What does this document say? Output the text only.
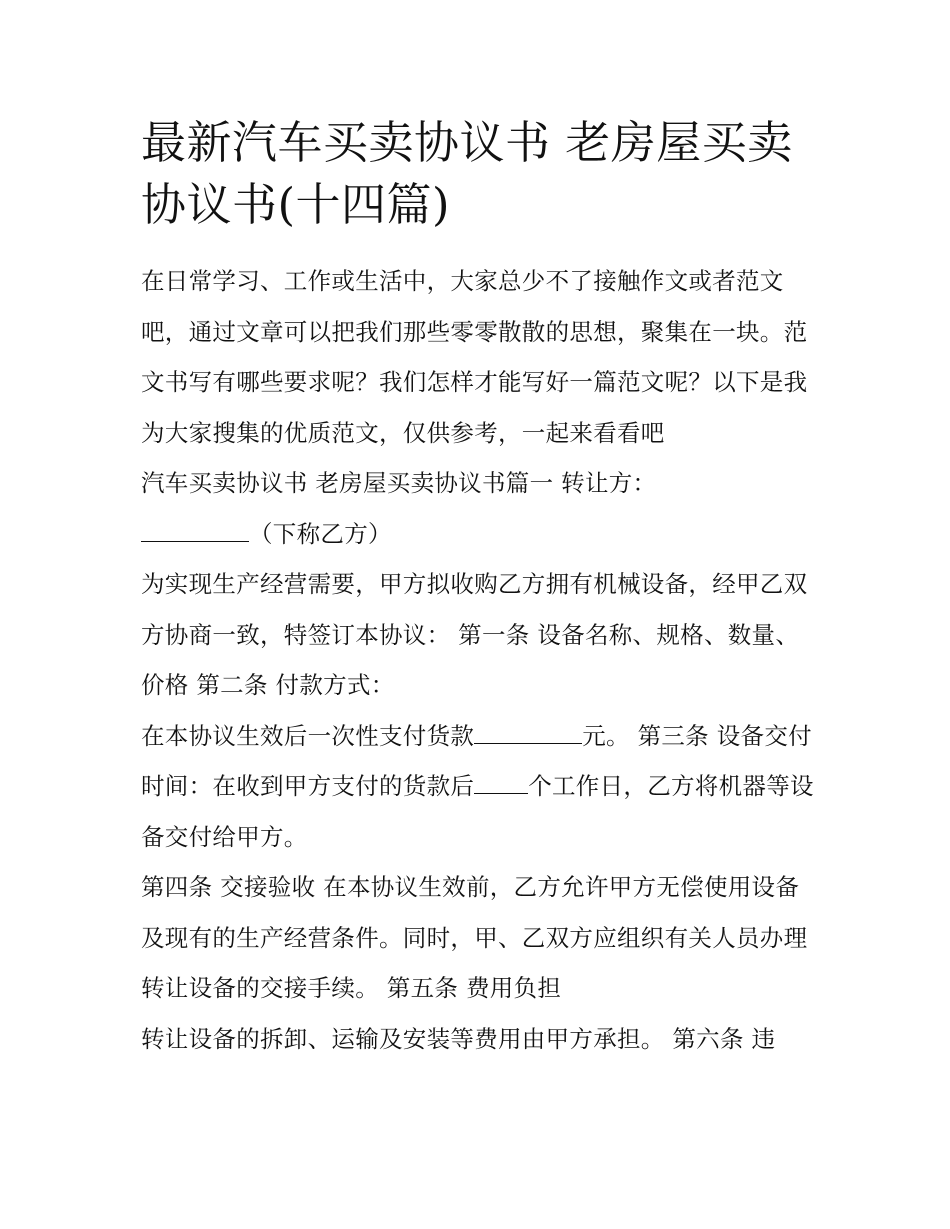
最新汽车买卖协议书 老房屋买卖协议书(十四篇)

在日常学习、工作或生活中，大家总少不了接触作文或者范文吧，通过文章可以把我们那些零零散散的思想，聚集在一块。范文书写有哪些要求呢？我们怎样才能写好一篇范文呢？以下是我为大家搜集的优质范文，仅供参考，一起来看看吧

汽车买卖协议书 老房屋买卖协议书篇一 转让方：

（下称乙方）

为实现生产经营需要，甲方拟收购乙方拥有机械设备，经甲乙双方协商一致，特签订本协议： 第一条 设备名称、规格、数量、价格 第二条 付款方式：

在本协议生效后一次性支付货款	元。 第三条 设备交付时间：在收到甲方支付的货款后 个工作日，乙方将机器等设备交付给甲方。

第四条 交接验收 在本协议生效前，乙方允许甲方无偿使用设备及现有的生产经营条件。同时，甲、乙双方应组织有关人员办理转让设备的交接手续。 第五条 费用负担

转让设备的拆卸、运输及安装等费用由甲方承担。 第六条 违
